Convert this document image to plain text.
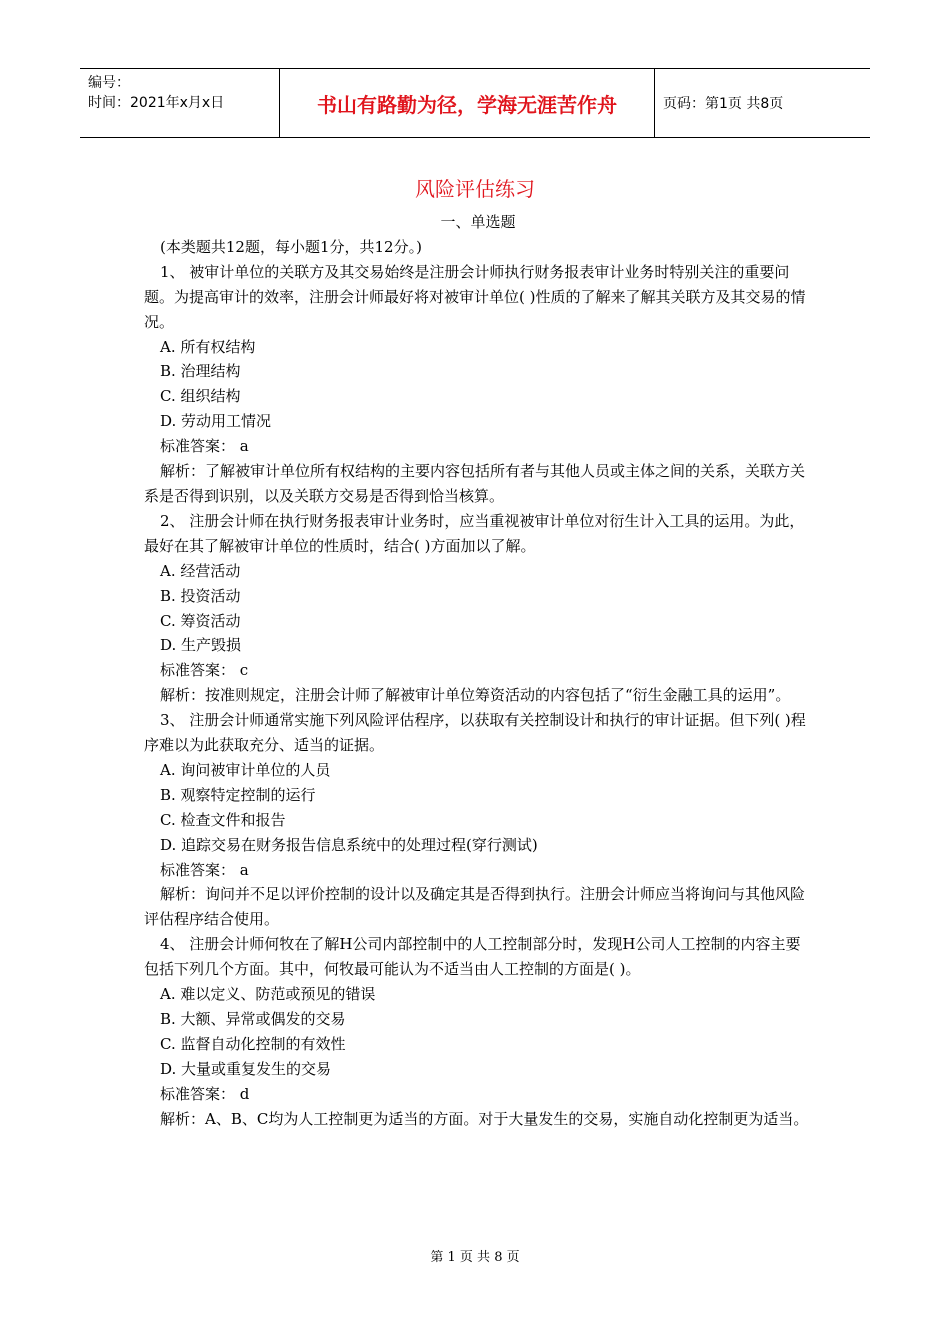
编号：
时间：2021年x月x日	书山有路勤为径，学海无涯苦作舟	页码：第1页 共8页
风险评估练习

一、单选题

(本类题共12题，每小题1分，共12分。)

1、 被审计单位的关联方及其交易始终是注册会计师执行财务报表审计业务时特别关注的重要问题。为提高审计的效率，注册会计师最好将对被审计单位( )性质的了解来了解其关联方及其交易的情况。

A. 所有权结构

B. 治理结构

C. 组织结构

D. 劳动用工情况

标准答案： a

解析：了解被审计单位所有权结构的主要内容包括所有者与其他人员或主体之间的关系，关联方关系是否得到识别，以及关联方交易是否得到恰当核算。

2、 注册会计师在执行财务报表审计业务时，应当重视被审计单位对衍生计入工具的运用。为此，最好在其了解被审计单位的性质时，结合( )方面加以了解。

A. 经营活动

B. 投资活动

C. 筹资活动

D. 生产毁损

标准答案： c

解析：按准则规定，注册会计师了解被审计单位筹资活动的内容包括了“衍生金融工具的运用”。

3、 注册会计师通常实施下列风险评估程序，以获取有关控制设计和执行的审计证据。但下列( )程序难以为此获取充分、适当的证据。

A. 询问被审计单位的人员

B. 观察特定控制的运行

C. 检查文件和报告

D. 追踪交易在财务报告信息系统中的处理过程(穿行测试)

标准答案： a

解析：询问并不足以评价控制的设计以及确定其是否得到执行。注册会计师应当将询问与其他风险评估程序结合使用。

4、 注册会计师何牧在了解H公司内部控制中的人工控制部分时，发现H公司人工控制的内容主要包括下列几个方面。其中，何牧最可能认为不适当由人工控制的方面是( )。

A. 难以定义、防范或预见的错误

B. 大额、异常或偶发的交易

C. 监督自动化控制的有效性

D. 大量或重复发生的交易

标准答案： d

解析：A、B、C均为人工控制更为适当的方面。对于大量发生的交易，实施自动化控制更为适当。

第 1 页 共 8 页
